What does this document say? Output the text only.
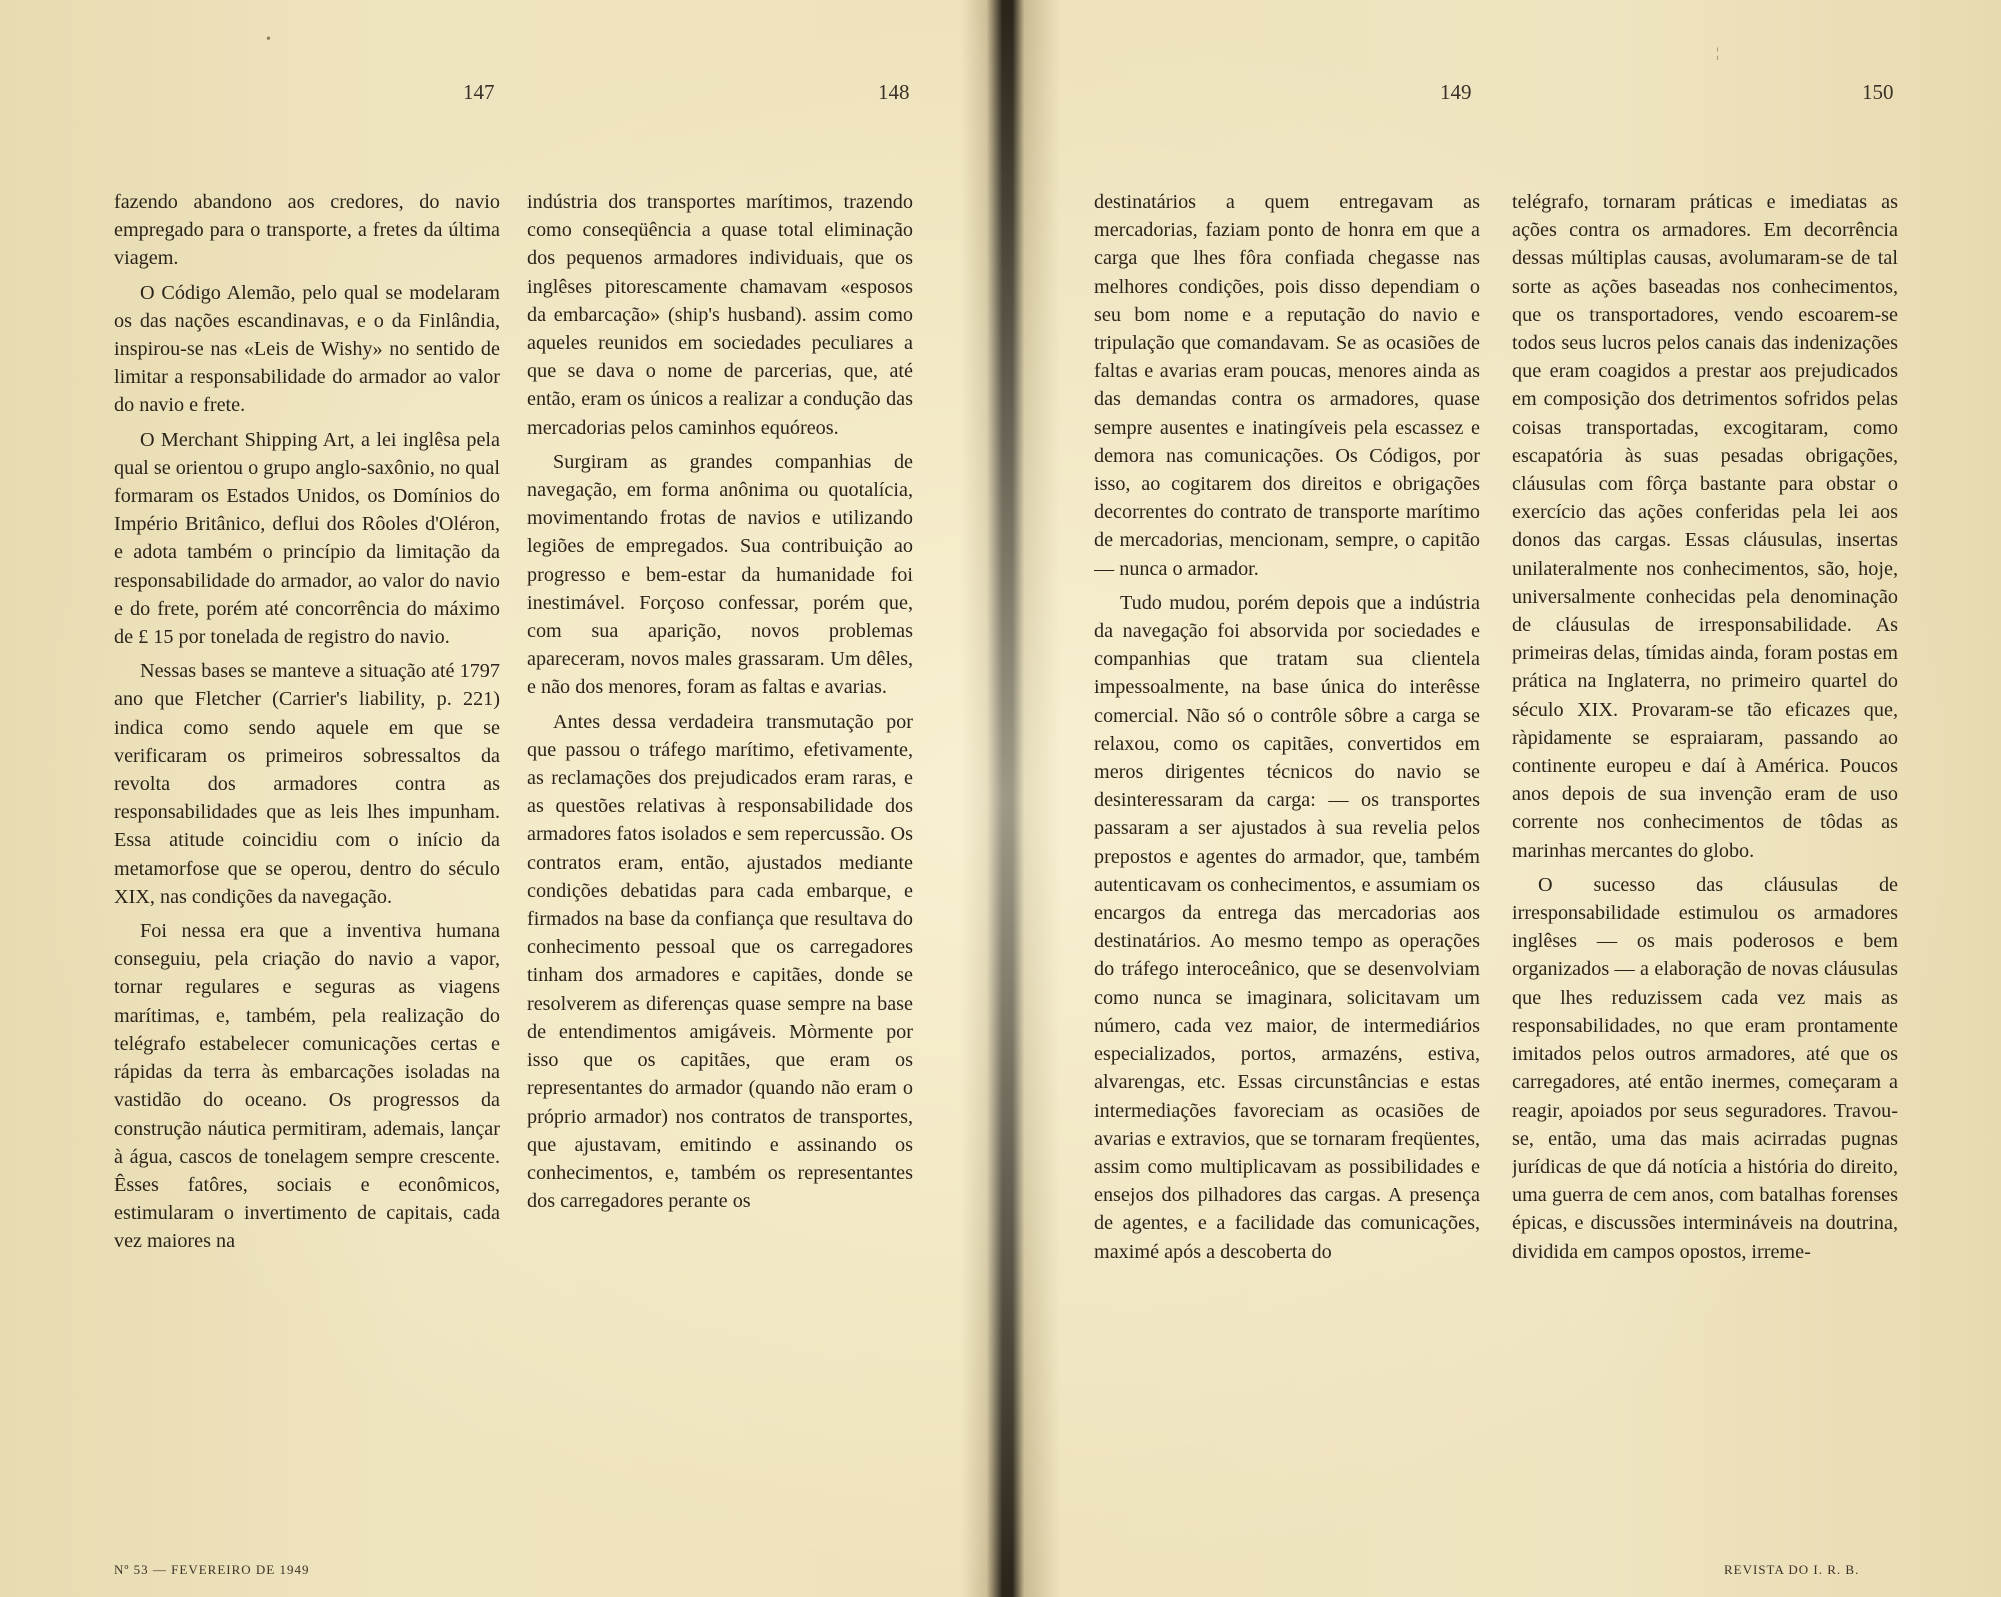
•
¦
147	148	149	150

fazendo abandono aos credores, do navio empregado para o transporte, a fretes da última viagem.

O Código Alemão, pelo qual se modelaram os das nações escandinavas, e o da Finlândia, inspirou-se nas «Leis de Wishy» no sentido de limitar a responsabilidade do armador ao valor do navio e frete.

O Merchant Shipping Art, a lei inglêsa pela qual se orientou o grupo anglo-saxônio, no qual formaram os Estados Unidos, os Domínios do Império Britânico, deflui dos Rôoles d'Oléron, e adota também o princípio da limitação da responsabilidade do armador, ao valor do navio e do frete, porém até concorrência do máximo de £ 15 por tonelada de registro do navio.

Nessas bases se manteve a situação até 1797 ano que Fletcher (Carrier's liability, p. 221) indica como sendo aquele em que se verificaram os primeiros sobressaltos da revolta dos armadores contra as responsabilidades que as leis lhes impunham. Essa atitude coincidiu com o início da metamorfose que se operou, dentro do século XIX, nas condições da navegação.

Foi nessa era que a inventiva humana conseguiu, pela criação do navio a vapor, tornar regulares e seguras as viagens marítimas, e, também, pela realização do telégrafo estabelecer comunicações certas e rápidas da terra às embarcações isoladas na vastidão do oceano. Os progressos da construção náutica permitiram, ademais, lançar à água, cascos de tonelagem sempre crescente. Êsses fatôres, sociais e econômicos, estimularam o invertimento de capitais, cada vez maiores na

indústria dos transportes marítimos, trazendo como conseqüência a quase total eliminação dos pequenos armadores individuais, que os inglêses pitorescamente chamavam «esposos da embarcação» (ship's husband). assim como aqueles reunidos em sociedades peculiares a que se dava o nome de parcerias, que, até então, eram os únicos a realizar a condução das mercadorias pelos caminhos equóreos.

Surgiram as grandes companhias de navegação, em forma anônima ou quotalícia, movimentando frotas de navios e utilizando legiões de empregados. Sua contribuição ao progresso e bem-estar da humanidade foi inestimável. Forçoso confessar, porém que, com sua aparição, novos problemas apareceram, novos males grassaram. Um dêles, e não dos menores, foram as faltas e avarias.

Antes dessa verdadeira transmutação por que passou o tráfego marítimo, efetivamente, as reclamações dos prejudicados eram raras, e as questões relativas à responsabilidade dos armadores fatos isolados e sem repercussão. Os contratos eram, então, ajustados mediante condições debatidas para cada embarque, e firmados na base da confiança que resultava do conhecimento pessoal que os carregadores tinham dos armadores e capitães, donde se resolverem as diferenças quase sempre na base de entendimentos amigáveis. Mòrmente por isso que os capitães, que eram os representantes do armador (quando não eram o próprio armador) nos contratos de transportes, que ajustavam, emitindo e assinando os conhecimentos, e, também os representantes dos carregadores perante os

destinatários a quem entregavam as mercadorias, faziam ponto de honra em que a carga que lhes fôra confiada chegasse nas melhores condições, pois disso dependiam o seu bom nome e a reputação do navio e tripulação que comandavam. Se as ocasiões de faltas e avarias eram poucas, menores ainda as das demandas contra os armadores, quase sempre ausentes e inatingíveis pela escassez e demora nas comunicações. Os Códigos, por isso, ao cogitarem dos direitos e obrigações decorrentes do contrato de transporte marítimo de mercadorias, mencionam, sempre, o capitão — nunca o armador.

Tudo mudou, porém depois que a indústria da navegação foi absorvida por sociedades e companhias que tratam sua clientela impessoalmente, na base única do interêsse comercial. Não só o contrôle sôbre a carga se relaxou, como os capitães, convertidos em meros dirigentes técnicos do navio se desinteressaram da carga: — os transportes passaram a ser ajustados à sua revelia pelos prepostos e agentes do armador, que, também autenticavam os conhecimentos, e assumiam os encargos da entrega das mercadorias aos destinatários. Ao mesmo tempo as operações do tráfego interoceânico, que se desenvolviam como nunca se imaginara, solicitavam um número, cada vez maior, de intermediários especializados, portos, armazéns, estiva, alvarengas, etc. Essas circunstâncias e estas intermediações favoreciam as ocasiões de avarias e extravios, que se tornaram freqüentes, assim como multiplicavam as possibilidades e ensejos dos pilhadores das cargas. A presença de agentes, e a facilidade das comunicações, maximé após a descoberta do

telégrafo, tornaram práticas e imediatas as ações contra os armadores. Em decorrência dessas múltiplas causas, avolumaram-se de tal sorte as ações baseadas nos conhecimentos, que os transportadores, vendo escoarem-se todos seus lucros pelos canais das indenizações que eram coagidos a prestar aos prejudicados em composição dos detrimentos sofridos pelas coisas transportadas, excogitaram, como escapatória às suas pesadas obrigações, cláusulas com fôrça bastante para obstar o exercício das ações conferidas pela lei aos donos das cargas. Essas cláusulas, insertas unilateralmente nos conhecimentos, são, hoje, universalmente conhecidas pela denominação de cláusulas de irresponsabilidade. As primeiras delas, tímidas ainda, foram postas em prática na Inglaterra, no primeiro quartel do século XIX. Provaram-se tão eficazes que, ràpidamente se espraiaram, passando ao continente europeu e daí à América. Poucos anos depois de sua invenção eram de uso corrente nos conhecimentos de tôdas as marinhas mercantes do globo.

O sucesso das cláusulas de irresponsabilidade estimulou os armadores inglêses — os mais poderosos e bem organizados — a elaboração de novas cláusulas que lhes reduzissem cada vez mais as responsabilidades, no que eram prontamente imitados pelos outros armadores, até que os carregadores, até então inermes, começaram a reagir, apoiados por seus seguradores. Travou-se, então, uma das mais acirradas pugnas jurídicas de que dá notícia a história do direito, uma guerra de cem anos, com batalhas forenses épicas, e discussões intermináveis na doutrina, dividida em campos opostos, irreme-

Nº 53 — FEVEREIRO DE 1949	REVISTA DO I. R. B.
